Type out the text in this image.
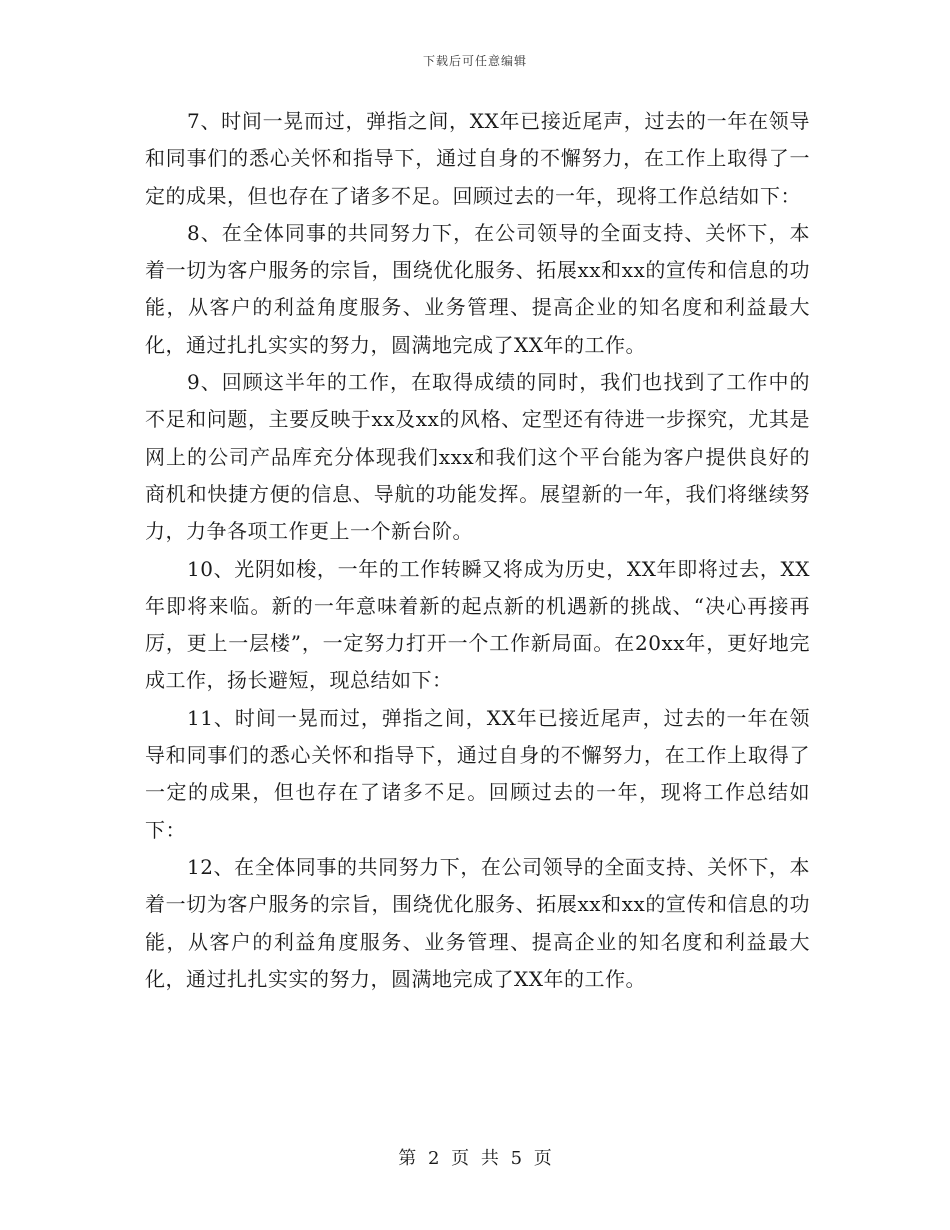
下载后可任意编辑

7、时间一晃而过，弹指之间，XX年已接近尾声，过去的一年在领导和同事们的悉心关怀和指导下，通过自身的不懈努力，在工作上取得了一定的成果，但也存在了诸多不足。回顾过去的一年，现将工作总结如下：

8、在全体同事的共同努力下，在公司领导的全面支持、关怀下，本着一切为客户服务的宗旨，围绕优化服务、拓展xx和xx的宣传和信息的功能，从客户的利益角度服务、业务管理、提高企业的知名度和利益最大化，通过扎扎实实的努力，圆满地完成了XX年的工作。

9、回顾这半年的工作，在取得成绩的同时，我们也找到了工作中的不足和问题，主要反映于xx及xx的风格、定型还有待进一步探究，尤其是网上的公司产品库充分体现我们xxx和我们这个平台能为客户提供良好的商机和快捷方便的信息、导航的功能发挥。展望新的一年，我们将继续努力，力争各项工作更上一个新台阶。

10、光阴如梭，一年的工作转瞬又将成为历史，XX年即将过去，XX年即将来临。新的一年意味着新的起点新的机遇新的挑战、“决心再接再厉，更上一层楼”，一定努力打开一个工作新局面。在20xx年，更好地完成工作，扬长避短，现总结如下：

11、时间一晃而过，弹指之间，XX年已接近尾声，过去的一年在领导和同事们的悉心关怀和指导下，通过自身的不懈努力，在工作上取得了一定的成果，但也存在了诸多不足。回顾过去的一年，现将工作总结如下：

12、在全体同事的共同努力下，在公司领导的全面支持、关怀下，本着一切为客户服务的宗旨，围绕优化服务、拓展xx和xx的宣传和信息的功能，从客户的利益角度服务、业务管理、提高企业的知名度和利益最大化，通过扎扎实实的努力，圆满地完成了XX年的工作。

第 2 页 共 5 页
